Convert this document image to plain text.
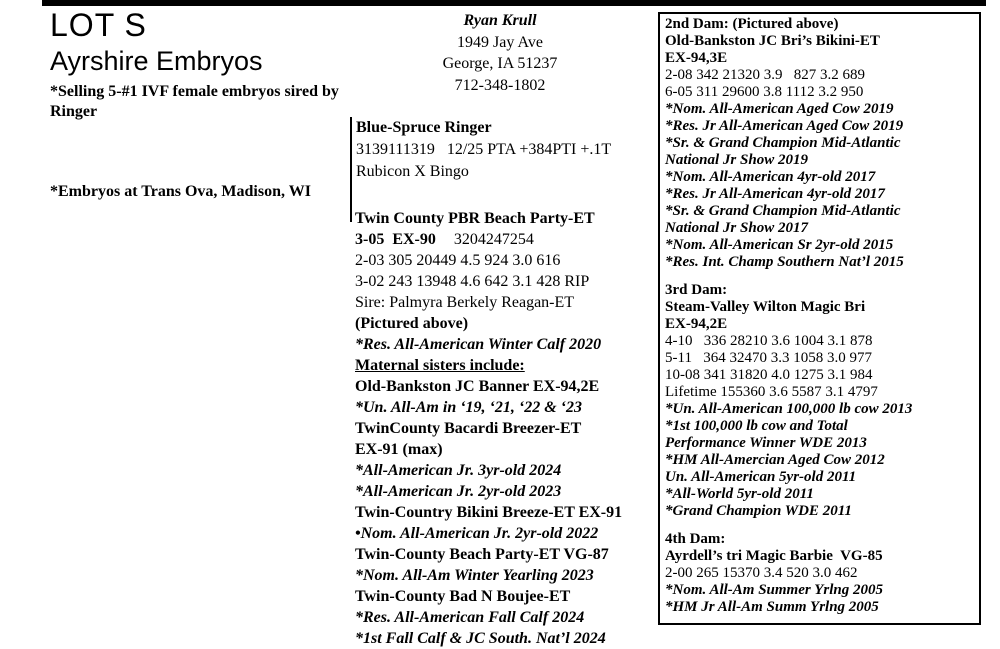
LOT S
Ayrshire Embryos
*Selling 5-#1 IVF female embryos sired by Ringer
*Embryos at Trans Ova, Madison, WI
Ryan Krull
1949 Jay Ave
George, IA 51237
712-348-1802
Blue-Spruce Ringer
3139111319   12/25 PTA +384PTI +.1T
Rubicon X Bingo
Twin County PBR Beach Party-ET
3-05  EX-90 3204247254
2-03 305 20449 4.5 924 3.0 616
3-02 243 13948 4.6 642 3.1 428 RIP
Sire: Palmyra Berkely Reagan-ET
(Pictured above)
*Res. All-American Winter Calf 2020
Maternal sisters include:
Old-Bankston JC Banner EX-94,2E
*Un. All-Am in ‘19, ‘21, ‘22 & ‘23
TwinCounty Bacardi Breezer-ET
EX-91 (max)
*All-American Jr. 3yr-old 2024
*All-American Jr. 2yr-old 2023
Twin-Country Bikini Breeze-ET EX-91
•Nom. All-American Jr. 2yr-old 2022
Twin-County Beach Party-ET VG-87
*Nom. All-Am Winter Yearling 2023
Twin-County Bad N Boujee-ET
*Res. All-American Fall Calf 2024
*1st Fall Calf & JC South. Nat’l 2024
2nd Dam: (Pictured above)
Old-Bankston JC Bri’s Bikini-ET
EX-94,3E
2-08 342 21320 3.9   827 3.2 689
6-05 311 29600 3.8 1112 3.2 950
*Nom. All-American Aged Cow 2019
*Res. Jr All-American Aged Cow 2019
*Sr. & Grand Champion Mid-Atlantic
National Jr Show 2019
*Nom. All-American 4yr-old 2017
*Res. Jr All-American 4yr-old 2017
*Sr. & Grand Champion Mid-Atlantic
National Jr Show 2017
*Nom. All-American Sr 2yr-old 2015
*Res. Int. Champ Southern Nat’l 2015
3rd Dam:
Steam-Valley Wilton Magic Bri
EX-94,2E
4-10   336 28210 3.6 1004 3.1 878
5-11   364 32470 3.3 1058 3.0 977
10-08 341 31820 4.0 1275 3.1 984
Lifetime 155360 3.6 5587 3.1 4797
*Un. All-American 100,000 lb cow 2013
*1st 100,000 lb cow and Total
Performance Winner WDE 2013
*HM All-Amercian Aged Cow 2012
Un. All-American 5yr-old 2011
*All-World 5yr-old 2011
*Grand Champion WDE 2011
4th Dam:
Ayrdell’s tri Magic Barbie  VG-85
2-00 265 15370 3.4 520 3.0 462
*Nom. All-Am Summer Yrlng 2005
*HM Jr All-Am Summ Yrlng 2005
